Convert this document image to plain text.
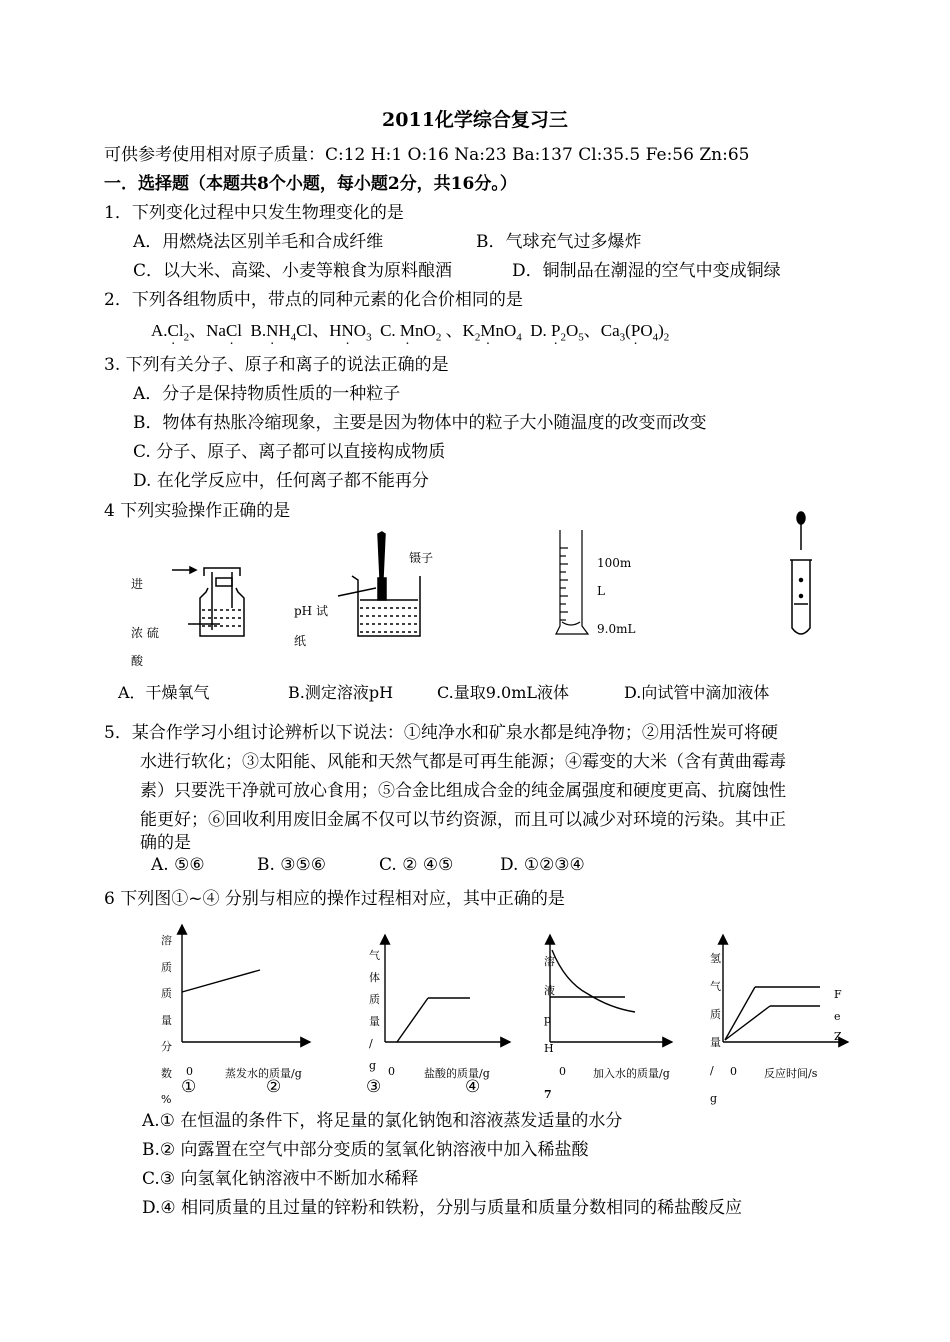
2011化学综合复习三
可供参考使用相对原子质量：C:12 H:1 O:16 Na:23 Ba:137 Cl:35.5 Fe:56 Zn:65
一．选择题（本题共8个小题，每小题2分，共16分。）
1．下列变化过程中只发生物理变化的是
A．用燃烧法区别羊毛和合成纤维	B．气球充气过多爆炸
C．以大米、高粱、小麦等粮食为原料酿酒	D．铜制品在潮湿的空气中变成铜绿
2．下列各组物质中，带点的同种元素的化合价相同的是
$A.C \cdot l_2$、NaC ·l  $B.N \cdot H_4Cl$、HN $\cdot O_3$  C. $M \cdot nO_2$ 、$K_2M \cdot nO_4$  D. $P \cdot_2O_5$、$Ca_3(P \cdot O_4)_2$
3. 下列有关分子、原子和离子的说法正确的是
A．分子是保持物质性质的一种粒子
B．物体有热胀冷缩现象，主要是因为物体中的粒子大小随温度的改变而改变
C. 分子、原子、离子都可以直接构成物质
D. 在化学反应中，任何离子都不能再分
4 下列实验操作正确的是
进
浓 硫
酸
镊子
pH 试
纸
100m
L
9.0mL
A．干燥氧气	B.测定溶液pH	C.量取9.0mL液体	D.向试管中滴加液体
5．某合作学习小组讨论辨析以下说法：①纯净水和矿泉水都是纯净物；②用活性炭可将硬
水进行软化；③太阳能、风能和天然气都是可再生能源；④霉变的大米（含有黄曲霉毒
素）只要洗干净就可放心食用；⑤合金比组成合金的纯金属强度和硬度更高、抗腐蚀性
能更好；⑥回收利用废旧金属不仅可以节约资源，而且可以减少对环境的污染。其中正
确的是
A. ⑤⑥	B. ③⑤⑥	C. ② ④⑤	D. ①②③④
6 下列图①~④ 分别与相应的操作过程相对应，其中正确的是
溶
质
质
量
分
数
%
0	蒸发水的质量/g
①	②
气
体
质
量
/
g	0	盐酸的质量/g
③	④
溶
液
p
H
0 加入水的质量/g
7
氢
气
质
量
/
g
0 反应时间/s
F
e
Z
A.① 在恒温的条件下，将足量的氯化钠饱和溶液蒸发适量的水分
B.② 向露置在空气中部分变质的氢氧化钠溶液中加入稀盐酸
C.③ 向氢氧化钠溶液中不断加水稀释
D.④ 相同质量的且过量的锌粉和铁粉，分别与质量和质量分数相同的稀盐酸反应
